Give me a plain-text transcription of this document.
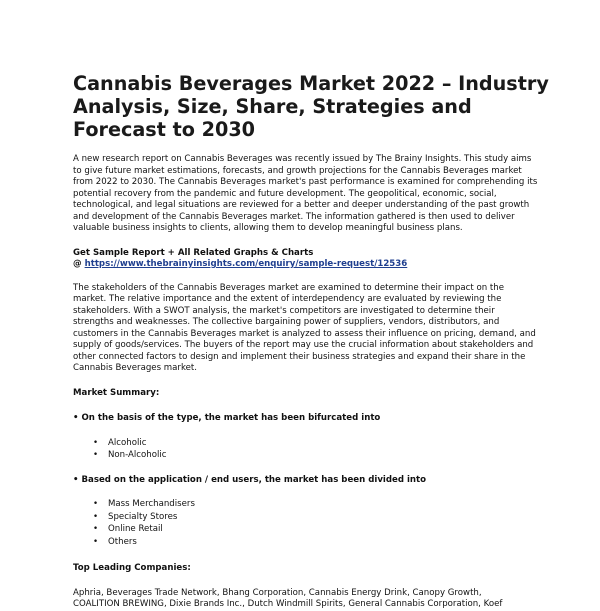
Cannabis Beverages Market 2022 – Industry
Analysis, Size, Share, Strategies and
Forecast to 2030

A new research report on Cannabis Beverages was recently issued by The Brainy Insights. This study aims to give future market estimations, forecasts, and growth projections for the Cannabis Beverages market from 2022 to 2030. The Cannabis Beverages market's past performance is examined for comprehending its potential recovery from the pandemic and future development. The geopolitical, economic, social, technological, and legal situations are reviewed for a better and deeper understanding of the past growth and development of the Cannabis Beverages market. The information gathered is then used to deliver valuable business insights to clients, allowing them to develop meaningful business plans.

Get Sample Report + All Related Graphs & Charts
@ https://www.thebrainyinsights.com/enquiry/sample-request/12536

The stakeholders of the Cannabis Beverages market are examined to determine their impact on the market. The relative importance and the extent of interdependency are evaluated by reviewing the stakeholders. With a SWOT analysis, the market's competitors are investigated to determine their strengths and weaknesses. The collective bargaining power of suppliers, vendors, distributors, and customers in the Cannabis Beverages market is analyzed to assess their influence on pricing, demand, and supply of goods/services. The buyers of the report may use the crucial information about stakeholders and other connected factors to design and implement their business strategies and expand their share in the Cannabis Beverages market.

Market Summary:
• On the basis of the type, the market has been bifurcated into
• Alcoholic
• Non-Alcoholic
• Based on the application / end users, the market has been divided into
• Mass Merchandisers
• Specialty Stores
• Online Retail
• Others
Top Leading Companies:

Aphria, Beverages Trade Network, Bhang Corporation, Cannabis Energy Drink, Canopy Growth,
COALITION BREWING, Dixie Brands Inc., Dutch Windmill Spirits, General Cannabis Corporation, Koef
